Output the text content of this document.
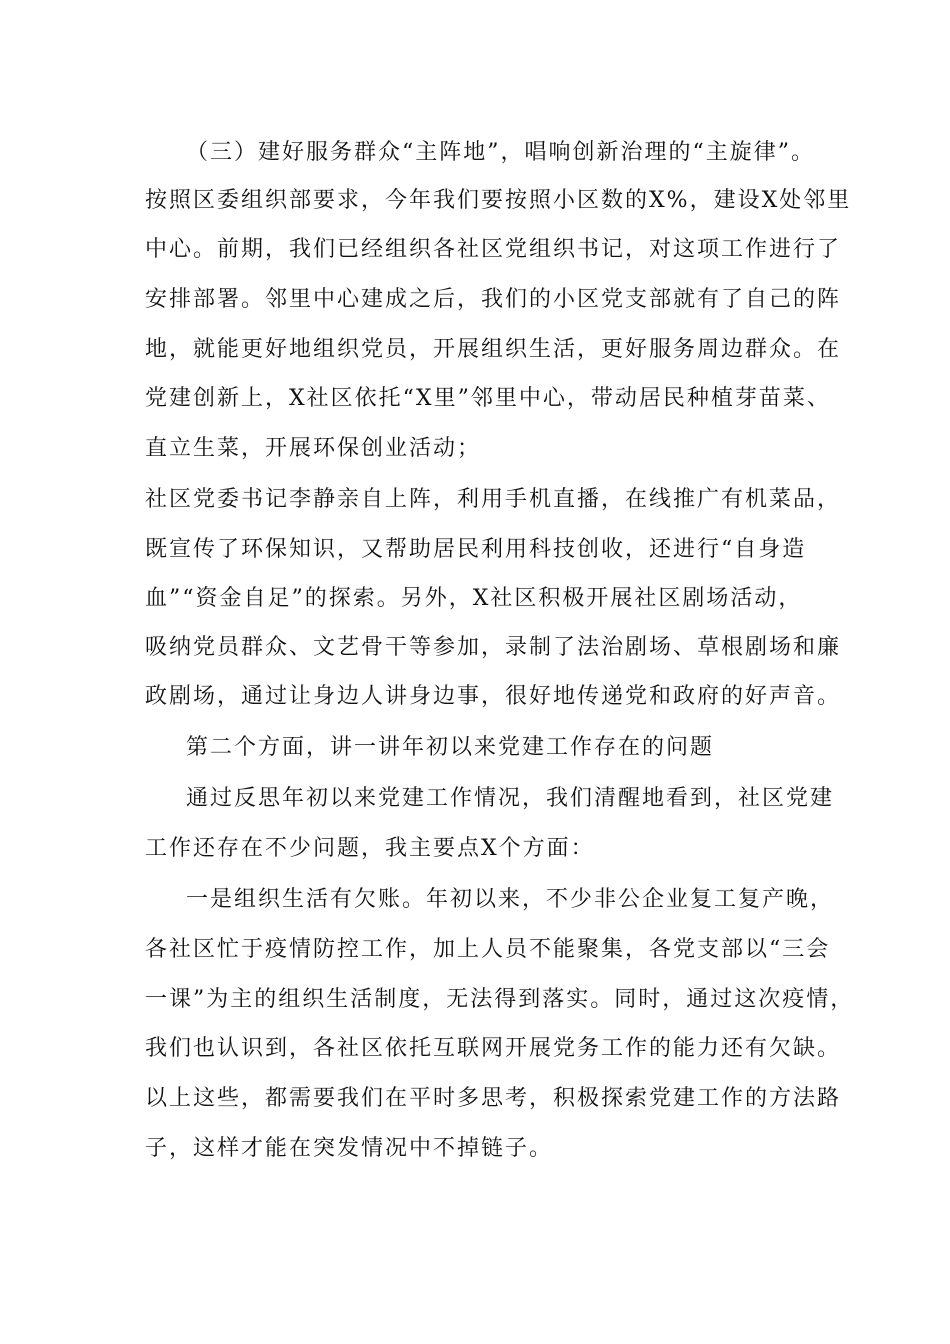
（三）建好服务群众“主阵地”，唱响创新治理的“主旋律”。
按照区委组织部要求，今年我们要按照小区数的X%，建设X处邻里
中心。前期，我们已经组织各社区党组织书记，对这项工作进行了
安排部署。邻里中心建成之后，我们的小区党支部就有了自己的阵
地，就能更好地组织党员，开展组织生活，更好服务周边群众。在
党建创新上，X社区依托“X里”邻里中心，带动居民种植芽苗菜、
直立生菜，开展环保创业活动；
社区党委书记李静亲自上阵，利用手机直播，在线推广有机菜品，
既宣传了环保知识，又帮助居民利用科技创收，还进行“自身造
血”“资金自足”的探索。另外，X社区积极开展社区剧场活动，
吸纳党员群众、文艺骨干等参加，录制了法治剧场、草根剧场和廉
政剧场，通过让身边人讲身边事，很好地传递党和政府的好声音。
第二个方面，讲一讲年初以来党建工作存在的问题
通过反思年初以来党建工作情况，我们清醒地看到，社区党建
工作还存在不少问题，我主要点X个方面：
一是组织生活有欠账。年初以来，不少非公企业复工复产晚，
各社区忙于疫情防控工作，加上人员不能聚集，各党支部以“三会
一课”为主的组织生活制度，无法得到落实。同时，通过这次疫情，
我们也认识到，各社区依托互联网开展党务工作的能力还有欠缺。
以上这些，都需要我们在平时多思考，积极探索党建工作的方法路
子，这样才能在突发情况中不掉链子。
